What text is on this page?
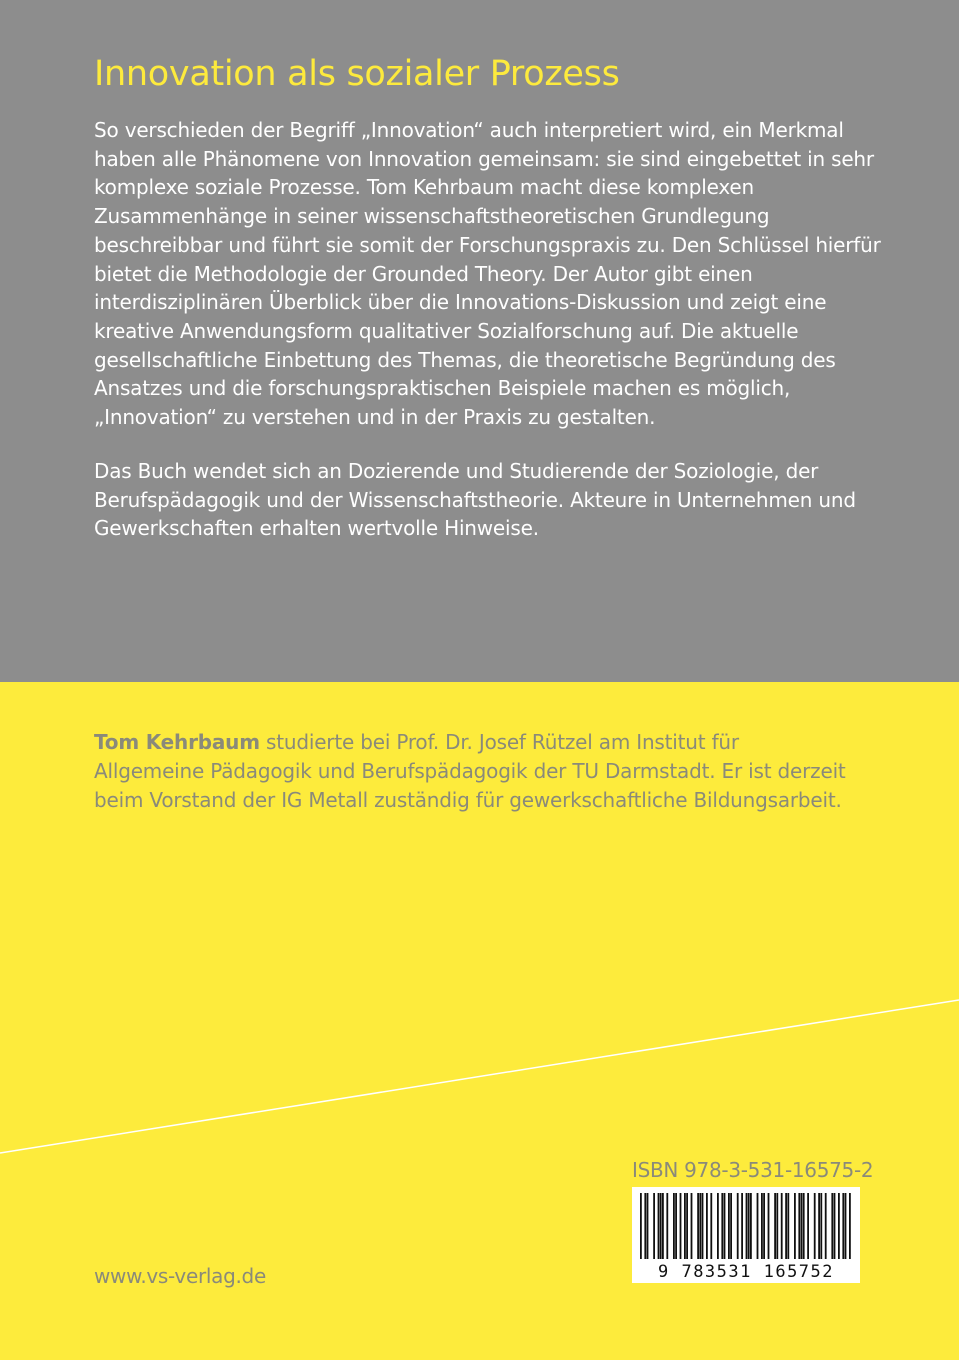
Innovation als sozialer Prozess

So verschieden der Begriff „Innovation“ auch interpretiert wird, ein Merkmal haben alle Phänomene von Innovation gemeinsam: sie sind eingebettet in sehr komplexe soziale Prozesse. Tom Kehrbaum macht diese komplexen Zusammenhänge in seiner wissenschaftstheoretischen Grundlegung beschreibbar und führt sie somit der Forschungspraxis zu. Den Schlüssel hierfür bietet die Methodologie der Grounded Theory. Der Autor gibt einen interdisziplinären Überblick über die Innovations-Diskussion und zeigt eine kreative Anwendungsform qualitativer Sozialforschung auf. Die aktuelle gesellschaftliche Einbettung des Themas, die theoretische Begründung des Ansatzes und die forschungspraktischen Beispiele machen es möglich, „Innovation“ zu verstehen und in der Praxis zu gestalten.

Das Buch wendet sich an Dozierende und Studierende der Soziologie, der Berufspädagogik und der Wissenschaftstheorie. Akteure in Unternehmen und Gewerkschaften erhalten wertvolle Hinweise.

Tom Kehrbaum studierte bei Prof. Dr. Josef Rützel am Institut für Allgemeine Pädagogik und Berufspädagogik der TU Darmstadt. Er ist derzeit beim Vorstand der IG Metall zuständig für gewerkschaftliche Bildungsarbeit.

ISBN 978-3-531-16575-2
9 783531 165752
www.vs-verlag.de
